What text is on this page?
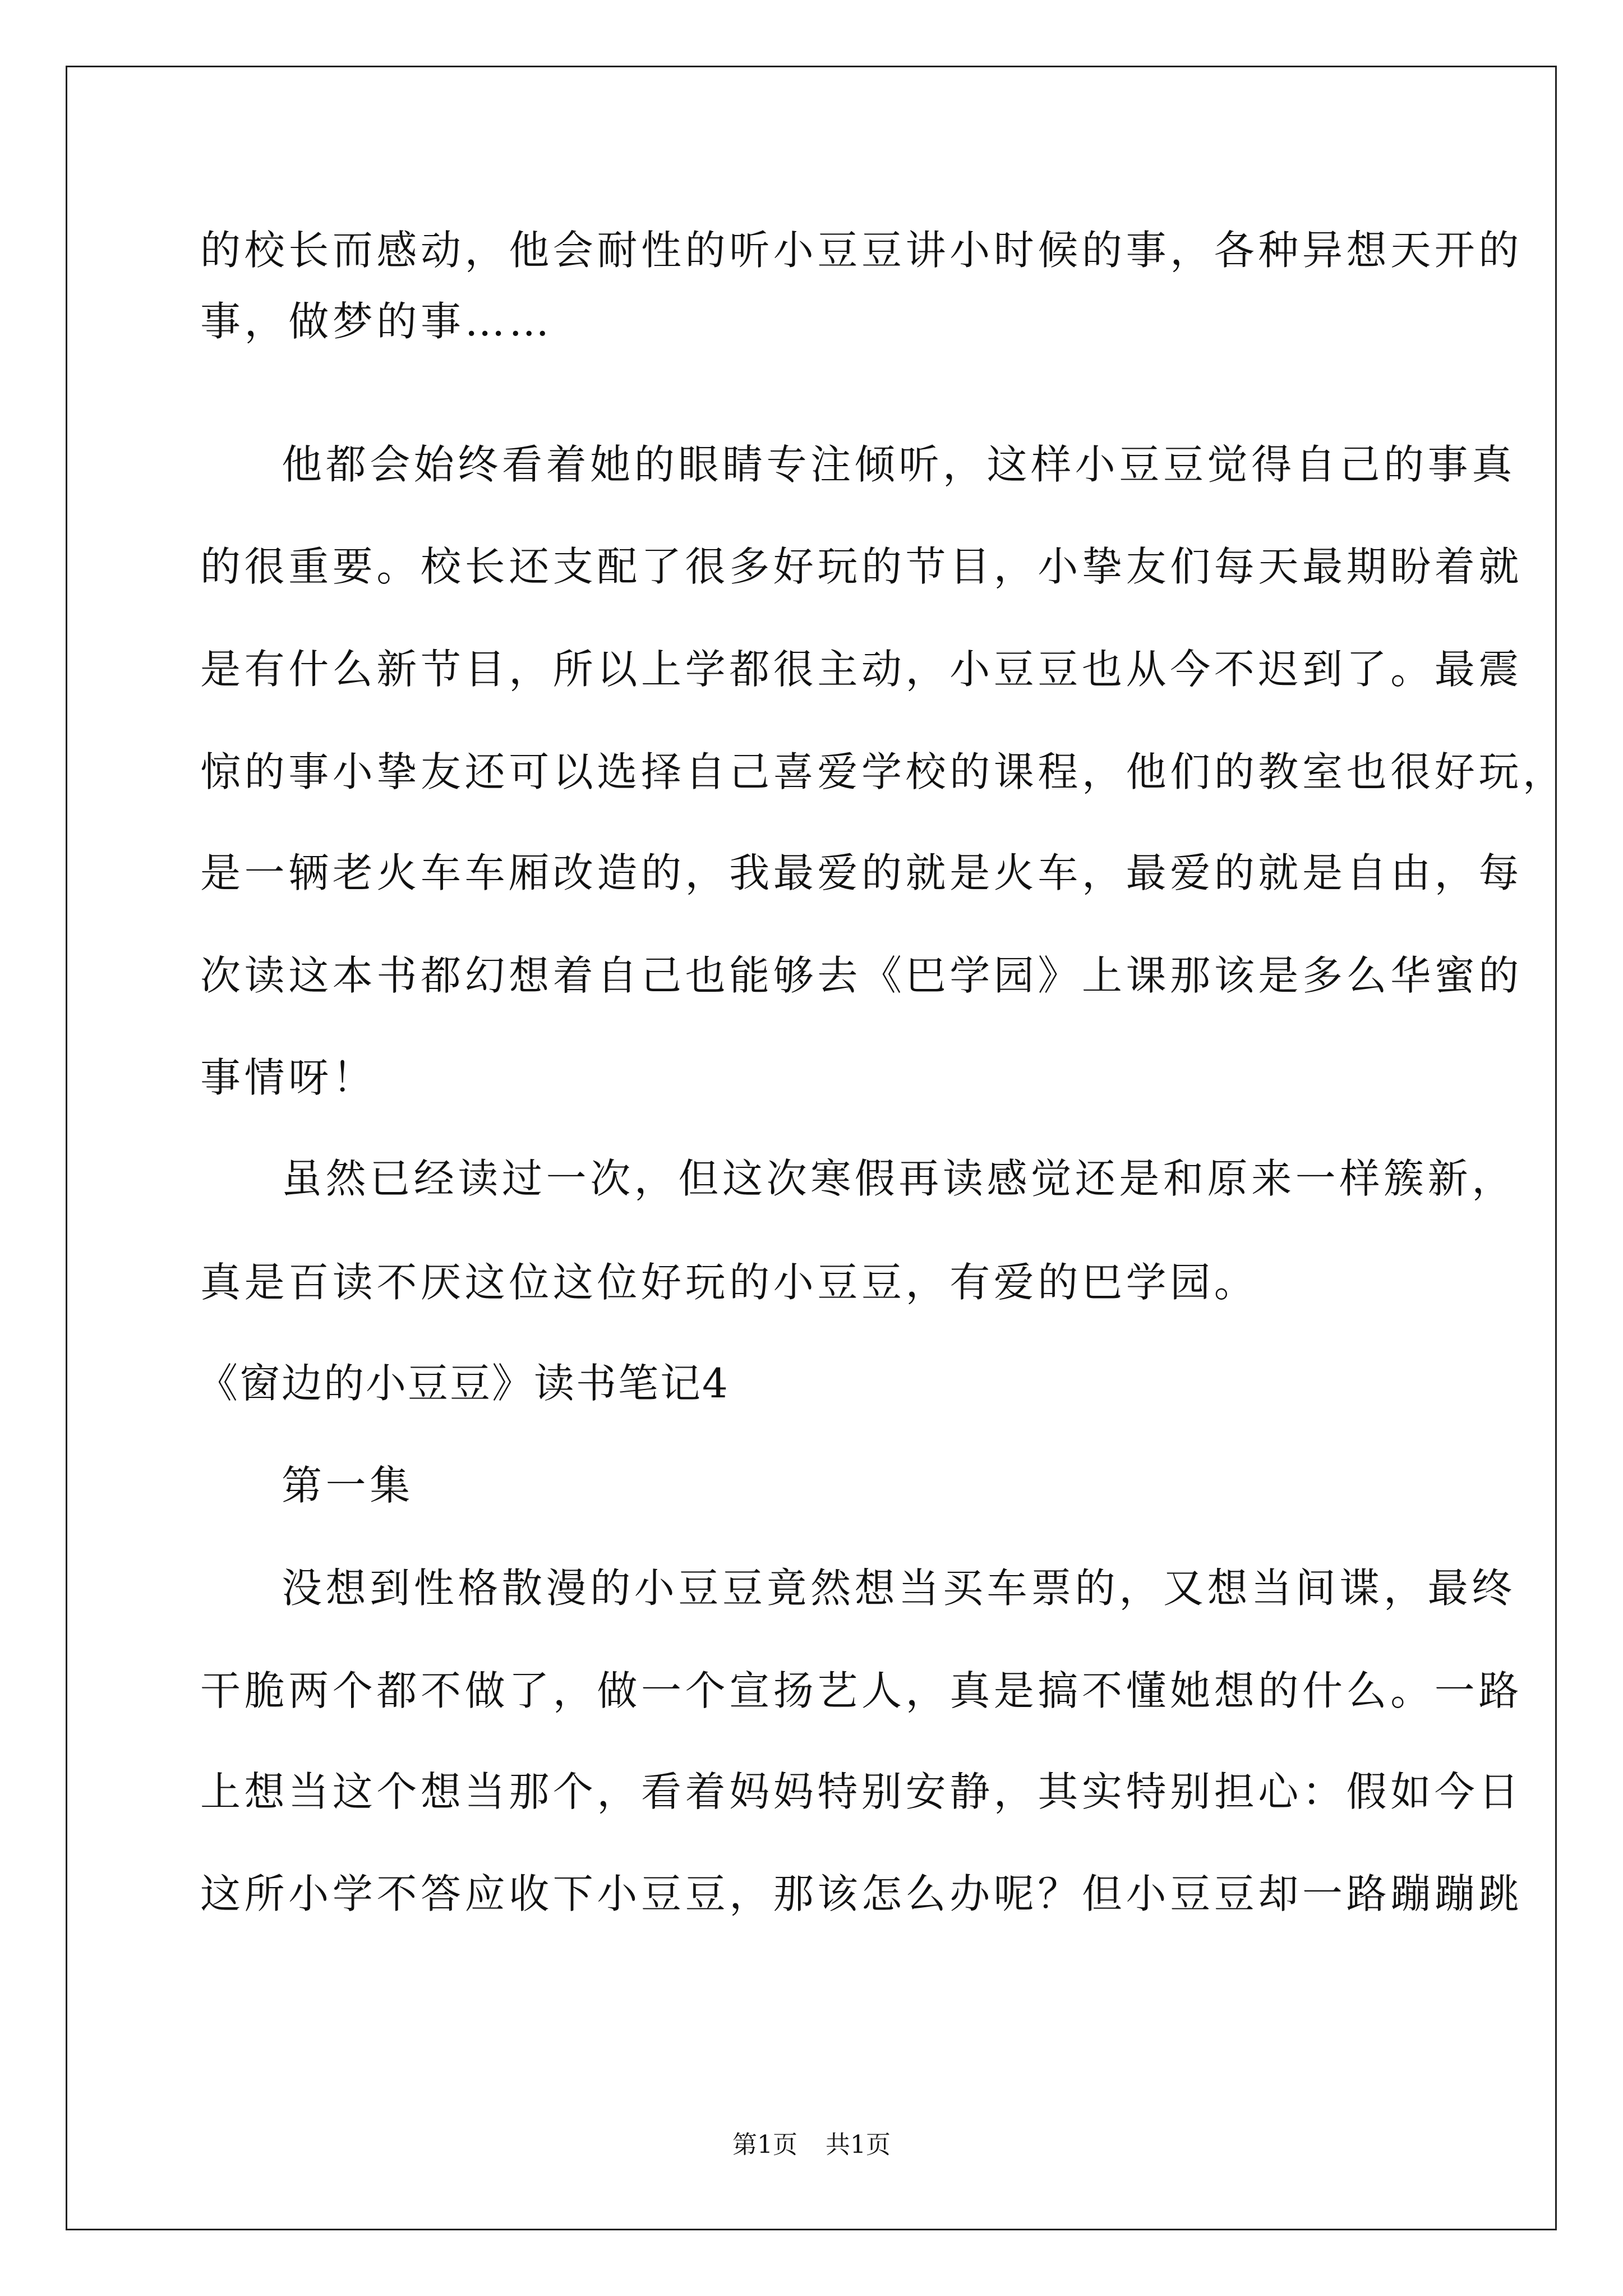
的校长而感动，他会耐性的听小豆豆讲小时候的事，各种异想天开的
事，做梦的事……
他都会始终看着她的眼睛专注倾听，这样小豆豆觉得自己的事真
的很重要。校长还支配了很多好玩的节目，小挚友们每天最期盼着就
是有什么新节目，所以上学都很主动，小豆豆也从今不迟到了。最震
惊的事小挚友还可以选择自己喜爱学校的课程，他们的教室也很好玩，
是一辆老火车车厢改造的，我最爱的就是火车，最爱的就是自由，每
次读这本书都幻想着自己也能够去《巴学园》上课那该是多么华蜜的
事情呀！
虽然已经读过一次，但这次寒假再读感觉还是和原来一样簇新，
真是百读不厌这位这位好玩的小豆豆，有爱的巴学园。
《窗边的小豆豆》读书笔记4
第一集
没想到性格散漫的小豆豆竟然想当买车票的，又想当间谍，最终
干脆两个都不做了，做一个宣扬艺人，真是搞不懂她想的什么。一路
上想当这个想当那个，看着妈妈特别安静，其实特别担心：假如今日
这所小学不答应收下小豆豆，那该怎么办呢？但小豆豆却一路蹦蹦跳
第1页 共1页
